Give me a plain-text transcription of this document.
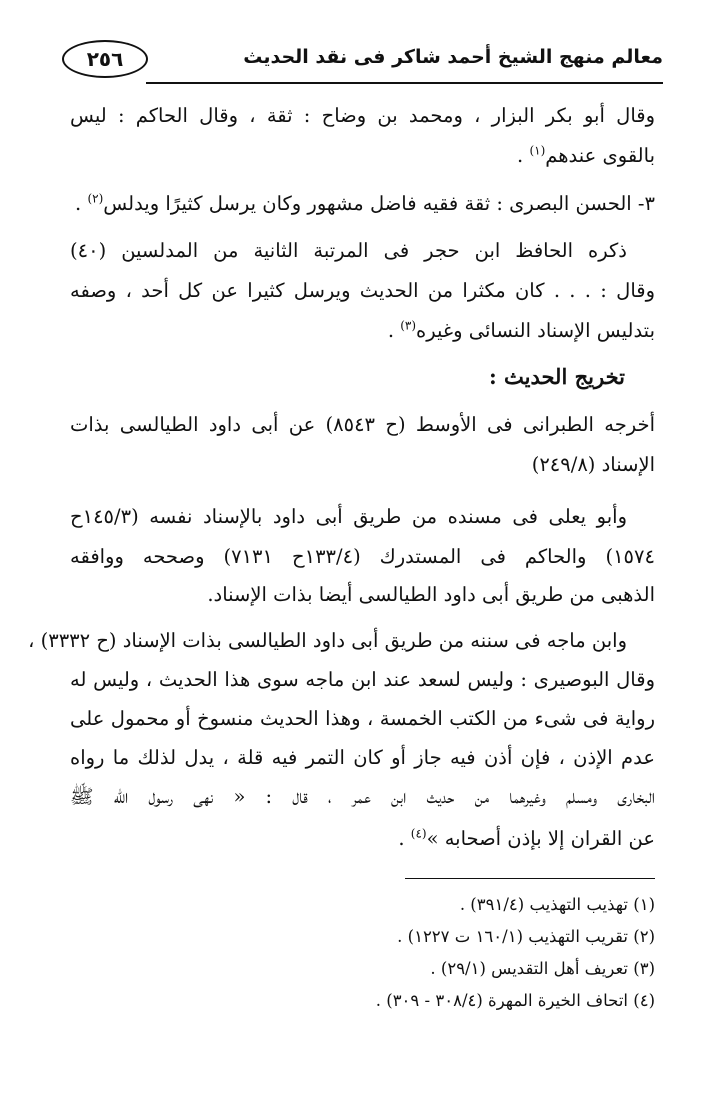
٢٥٦	معالم منهج الشيخ أحمد شاكر فى نقد الحديث
وقال أبو بكر البزار ، ومحمد بن وضاح : ثقة ، وقال الحاكم : ليس
بالقوى عندهم$^{(١)}$ .
٣- الحسن البصرى : ثقة فقيه فاضل مشهور وكان يرسل كثيرًا ويدلس$^{(٢)}$ .
ذكره الحافظ ابن حجر فى المرتبة الثانية من المدلسين (٤٠)
وقال : . . . كان مكثرا من الحديث ويرسل كثيرا عن كل أحد ، وصفه
بتدليس الإسناد النسائى وغيره$^{(٣)}$ .
تخريج الحديث :
أخرجه الطبرانى فى الأوسط (ح ٨٥٤٣) عن أبى داود الطيالسى بذات
الإسناد (٢٤٩/٨)
وأبو يعلى فى مسنده من طريق أبى داود بالإسناد نفسه (١٤٥/٣ح
١٥٧٤) والحاكم فى المستدرك (١٣٣/٤ح ٧١٣١) وصححه ووافقه
الذهبى من طريق أبى داود الطيالسى أيضا بذات الإسناد.
وابن ماجه فى سننه من طريق أبى داود الطيالسى بذات الإسناد (ح ٣٣٣٢) ،
وقال البوصيرى : وليس لسعد عند ابن ماجه سوى هذا الحديث ، وليس له
رواية فى شىء من الكتب الخمسة ، وهذا الحديث منسوخ أو محمول على
عدم الإذن ، فإن أذن فيه جاز أو كان التمر فيه قلة ، يدل لذلك ما رواه
البخارى ومسلم وغيرهما من حديث ابن عمر ، قال : « نهى رسول اللّٰه ﷺ
عن القران إلا بإذن أصحابه »$^{(٤)}$ .
(١) تهذيب التهذيب (٣٩١/٤) .
(٢) تقريب التهذيب (١٦٠/١ ت ١٢٢٧) .
(٣) تعريف أهل التقديس (٢٩/١) .
(٤) اتحاف الخيرة المهرة (٣٠٨/٤ - ٣٠٩) .
